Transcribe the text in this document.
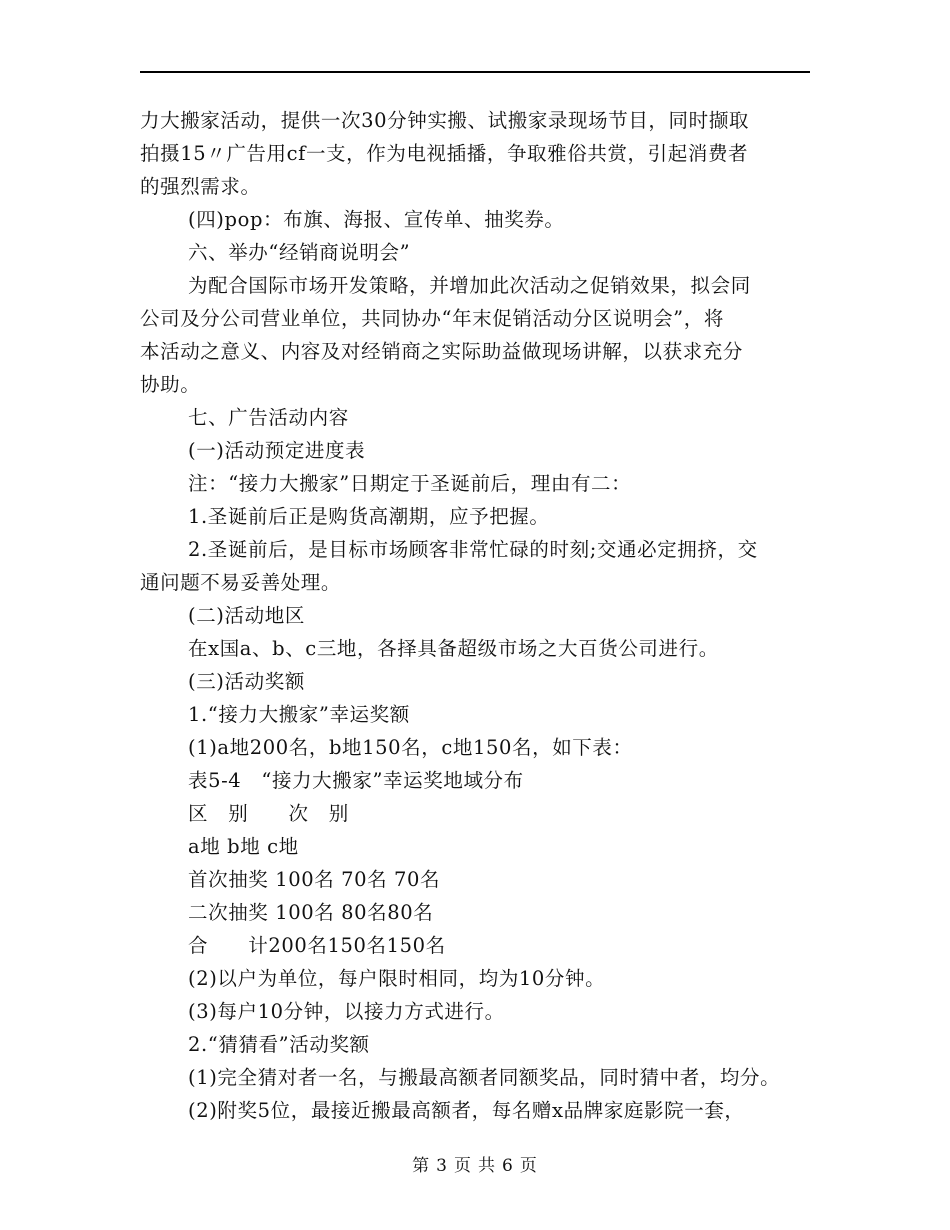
力大搬家活动，提供一次30分钟实搬、试搬家录现场节目，同时撷取
拍摄15〃广告用cf一支，作为电视插播，争取雅俗共赏，引起消费者
的强烈需求。
(四)pop：布旗、海报、宣传单、抽奖券。
六、举办“经销商说明会”
为配合国际市场开发策略，并增加此次活动之促销效果，拟会同
公司及分公司营业单位，共同协办“年末促销活动分区说明会”，将
本活动之意义、内容及对经销商之实际助益做现场讲解，以获求充分
协助。
七、广告活动内容
(一)活动预定进度表
注：“接力大搬家”日期定于圣诞前后，理由有二：
1.圣诞前后正是购货高潮期，应予把握。
2.圣诞前后，是目标市场顾客非常忙碌的时刻;交通必定拥挤，交
通问题不易妥善处理。
(二)活动地区
在x国a、b、c三地，各择具备超级市场之大百货公司进行。
(三)活动奖额
1.“接力大搬家”幸运奖额
(1)a地200名，b地150名，c地150名，如下表：
表5-4　“接力大搬家”幸运奖地域分布
区　别　　次　别
a地 b地 c地
首次抽奖 100名 70名 70名
二次抽奖 100名 80名80名
合　　计200名150名150名
(2)以户为单位，每户限时相同，均为10分钟。
(3)每户10分钟，以接力方式进行。
2.“猜猜看”活动奖额
(1)完全猜对者一名，与搬最高额者同额奖品，同时猜中者，均分。
(2)附奖5位，最接近搬最高额者，每名赠x品牌家庭影院一套，
第 3 页 共 6 页
